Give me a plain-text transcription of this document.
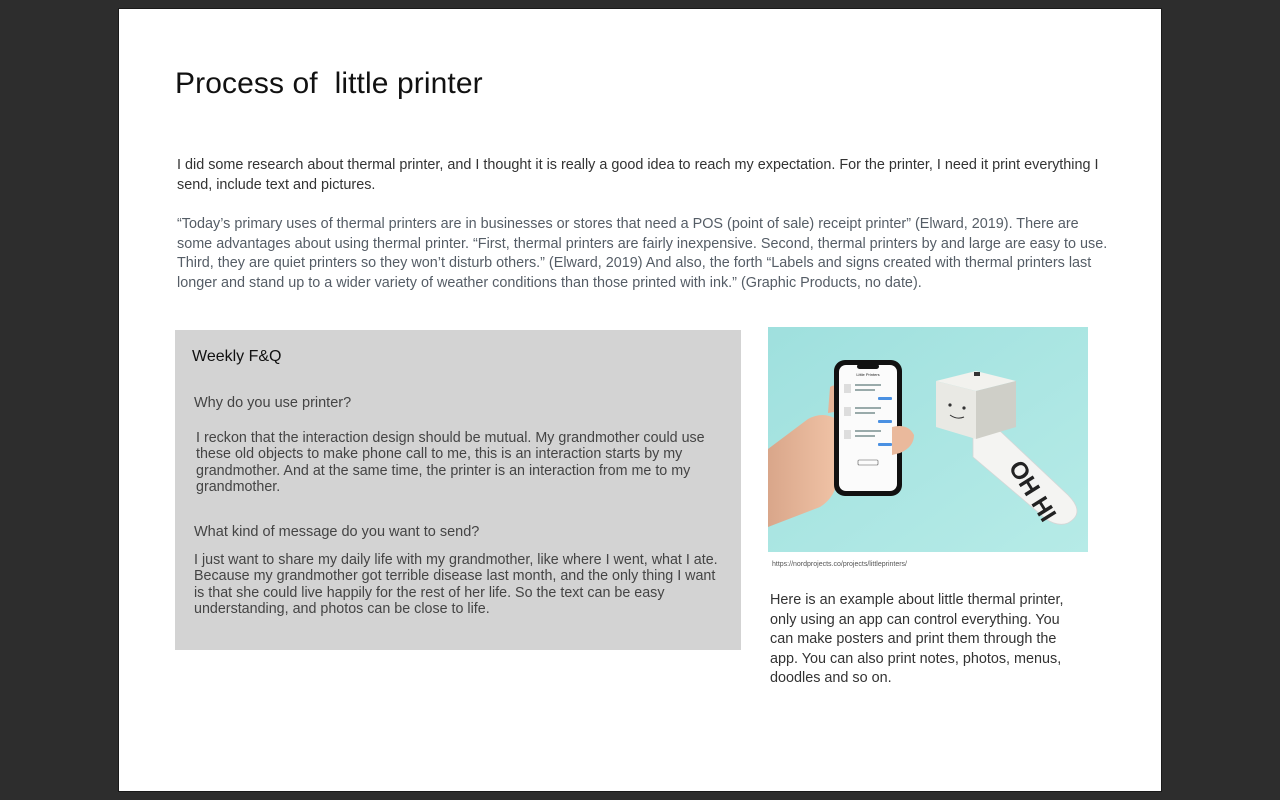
Process of  little printer
I did some research about thermal printer, and I thought it is really a good idea to reach my expectation. For the printer, I need it print everything I send, include text and pictures.
“Today’s primary uses of thermal printers are in businesses or stores that need a POS (point of sale) receipt printer” (Elward, 2019). There are some advantages about using thermal printer. “First, thermal printers are fairly inexpensive. Second, thermal printers by and large are easy to use. Third, they are quiet printers so they won’t disturb others.” (Elward, 2019) And also, the forth “Labels and signs created with thermal printers last longer and stand up to a wider variety of weather conditions than those printed with ink.” (Graphic Products, no date).
Weekly F&Q
Why do you use printer?
I reckon that the interaction design should be mutual. My grandmother could use these old objects to make phone call to me, this is an interaction starts by my grandmother. And at the same time, the printer is an interaction from me to my grandmother.
What kind of message do you want to send?
I just want to share my daily life with my grandmother, like where I went, what I ate. Because my grandmother got terrible disease last month, and the only thing I want is that she could live happily for the rest of her life. So the text can be easy understanding, and photos can be close to life.
OH HI
Little Printers
https://nordprojects.co/projects/littleprinters/
Here is an example about little thermal printer, only using an app can control everything. You can make posters and print them through the app. You can also print notes, photos, menus, doodles and so on.
